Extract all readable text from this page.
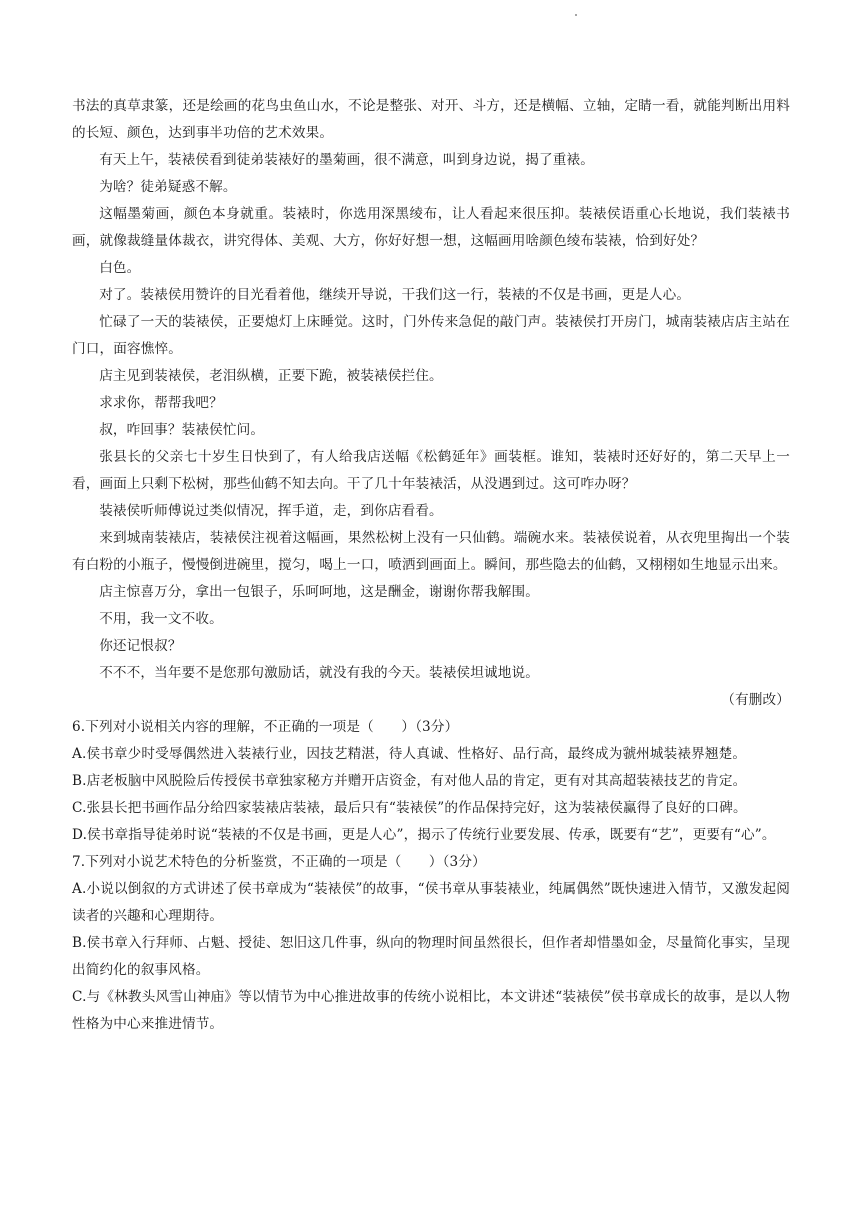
书法的真草隶篆，还是绘画的花鸟虫鱼山水，不论是整张、对开、斗方，还是横幅、立轴，定睛一看，就能判断出用料的长短、颜色，达到事半功倍的艺术效果。

有天上午，装裱侯看到徒弟装裱好的墨菊画，很不满意，叫到身边说，揭了重裱。

为啥？徒弟疑惑不解。

这幅墨菊画，颜色本身就重。装裱时，你选用深黑绫布，让人看起来很压抑。装裱侯语重心长地说，我们装裱书画，就像裁缝量体裁衣，讲究得体、美观、大方，你好好想一想，这幅画用啥颜色绫布装裱，恰到好处？

白色。

对了。装裱侯用赞许的目光看着他，继续开导说，干我们这一行，装裱的不仅是书画，更是人心。

忙碌了一天的装裱侯，正要熄灯上床睡觉。这时，门外传来急促的敲门声。装裱侯打开房门，城南装裱店店主站在门口，面容憔悴。

店主见到装裱侯，老泪纵横，正要下跪，被装裱侯拦住。

求求你，帮帮我吧？

叔，咋回事？装裱侯忙问。

张县长的父亲七十岁生日快到了，有人给我店送幅《松鹤延年》画装框。谁知，装裱时还好好的，第二天早上一看，画面上只剩下松树，那些仙鹤不知去向。干了几十年装裱活，从没遇到过。这可咋办呀？

装裱侯听师傅说过类似情况，挥手道，走，到你店看看。

来到城南装裱店，装裱侯注视着这幅画，果然松树上没有一只仙鹤。端碗水来。装裱侯说着，从衣兜里掏出一个装有白粉的小瓶子，慢慢倒进碗里，搅匀，喝上一口，喷洒到画面上。瞬间，那些隐去的仙鹤，又栩栩如生地显示出来。

店主惊喜万分，拿出一包银子，乐呵呵地，这是酬金，谢谢你帮我解围。

不用，我一文不收。

你还记恨叔？

不不不，当年要不是您那句激励话，就没有我的今天。装裱侯坦诚地说。

（有删改）

6.下列对小说相关内容的理解，不正确的一项是（　　）（3分）

A.侯书章少时受辱偶然进入装裱行业，因技艺精湛，待人真诚、性格好、品行高，最终成为虢州城装裱界翘楚。

B.店老板脑中风脱险后传授侯书章独家秘方并赠开店资金，有对他人品的肯定，更有对其高超装裱技艺的肯定。

C.张县长把书画作品分给四家装裱店装裱，最后只有“装裱侯”的作品保持完好，这为装裱侯赢得了良好的口碑。

D.侯书章指导徒弟时说“装裱的不仅是书画，更是人心”，揭示了传统行业要发展、传承，既要有“艺”，更要有“心”。

7.下列对小说艺术特色的分析鉴赏，不正确的一项是（　　）（3分）

A.小说以倒叙的方式讲述了侯书章成为“装裱侯”的故事，“侯书章从事装裱业，纯属偶然”既快速进入情节，又激发起阅读者的兴趣和心理期待。

B.侯书章入行拜师、占魁、授徒、恕旧这几件事，纵向的物理时间虽然很长，但作者却惜墨如金，尽量简化事实，呈现出简约化的叙事风格。

C.与《林教头风雪山神庙》等以情节为中心推进故事的传统小说相比，本文讲述“装裱侯”侯书章成长的故事，是以人物性格为中心来推进情节。
